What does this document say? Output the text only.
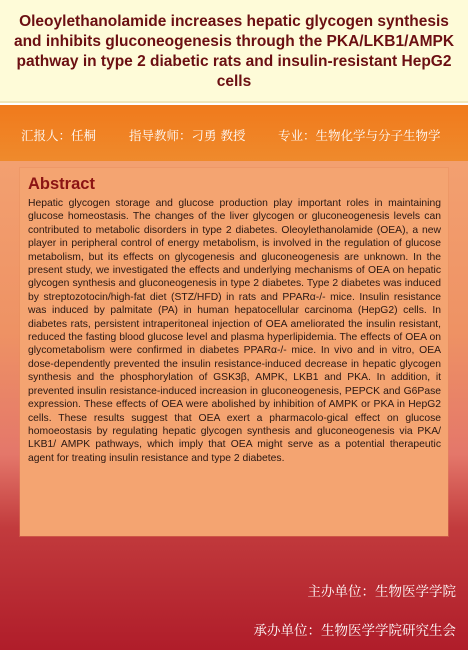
Oleoylethanolamide increases hepatic glycogen synthesis and inhibits gluconeogenesis through the PKA/LKB1/AMPK pathway in type 2 diabetic rats and insulin-resistant HepG2 cells
汇报人：任桐	指导教师：刁勇 教授	专业：生物化学与分子生物学
Abstract

Hepatic glycogen storage and glucose production play important roles in maintaining glucose homeostasis. The changes of the liver glycogen or gluconeogenesis levels can contributed to metabolic disorders in type 2 diabetes. Oleoylethanolamide (OEA), a new player in peripheral control of energy metabolism, is involved in the regulation of glucose metabolism, but its effects on glycogenesis and gluconeogenesis are unknown. In the present study, we investigated the effects and underlying mechanisms of OEA on hepatic glycogen synthesis and gluconeogenesis in type 2 diabetes. Type 2 diabetes was induced by streptozotocin/high-fat diet (STZ/HFD) in rats and PPARα-/- mice. Insulin resistance was induced by palmitate (PA) in human hepatocellular carcinoma (HepG2) cells. In diabetes rats, persistent intraperitoneal injection of OEA ameliorated the insulin resistant, reduced the fasting blood glucose level and plasma hyperlipidemia. The effects of OEA on glycometabolism were confirmed in diabetes PPARα-/- mice. In vivo and in vitro, OEA dose-dependently prevented the insulin resistance-induced decrease in hepatic glycogen synthesis and the phosphorylation of GSK3β, AMPK, LKB1 and PKA. In addition, it prevented insulin resistance-induced increasion in gluconeogenesis, PEPCK and G6Pase expression. These effects of OEA were abolished by inhibition of AMPK or PKA in HepG2 cells. These results suggest that OEA exert a pharmacolo-gical effect on glucose homoeostasis by regulating hepatic glycogen synthesis and gluconeogenesis via PKA/ LKB1/ AMPK pathways, which imply that OEA might serve as a potential therapeutic agent for treating insulin resistance and type 2 diabetes.

主办单位：生物医学学院
承办单位：生物医学学院研究生会
